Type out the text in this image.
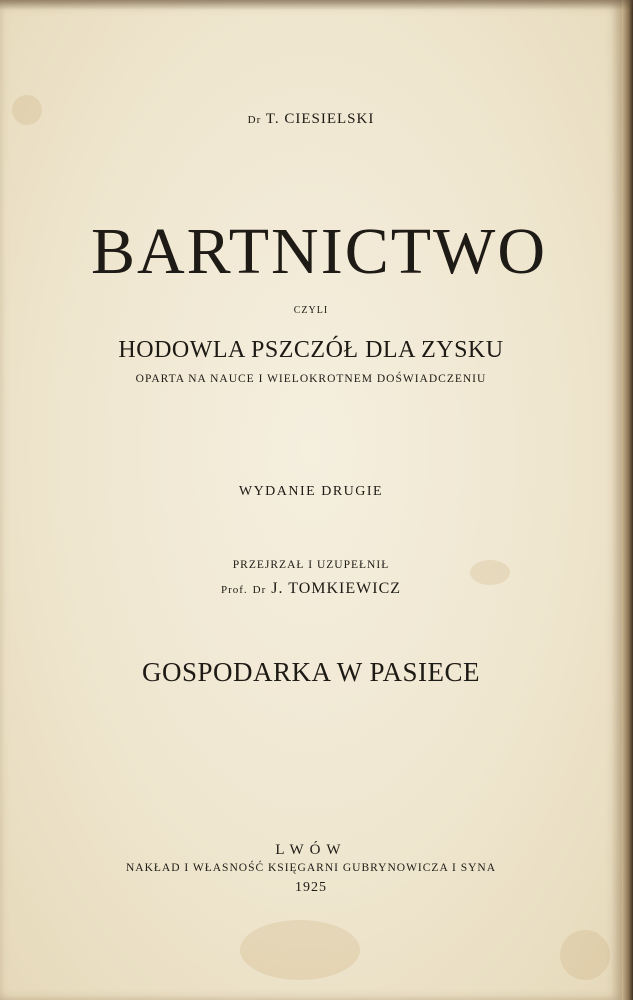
Dr T. CIESIELSKI

BARTNICTWO

CZYLI

HODOWLA PSZCZÓŁ DLA ZYSKU

OPARTA NA NAUCE I WIELOKROTNEM DOŚWIADCZENIU

WYDANIE DRUGIE

PRZEJRZAŁ I UZUPEŁNIŁ

Prof. Dr J. TOMKIEWICZ

GOSPODARKA W PASIECE

LWÓW

NAKŁAD I WŁASNOŚĆ KSIĘGARNI GUBRYNOWICZA I SYNA

1925
